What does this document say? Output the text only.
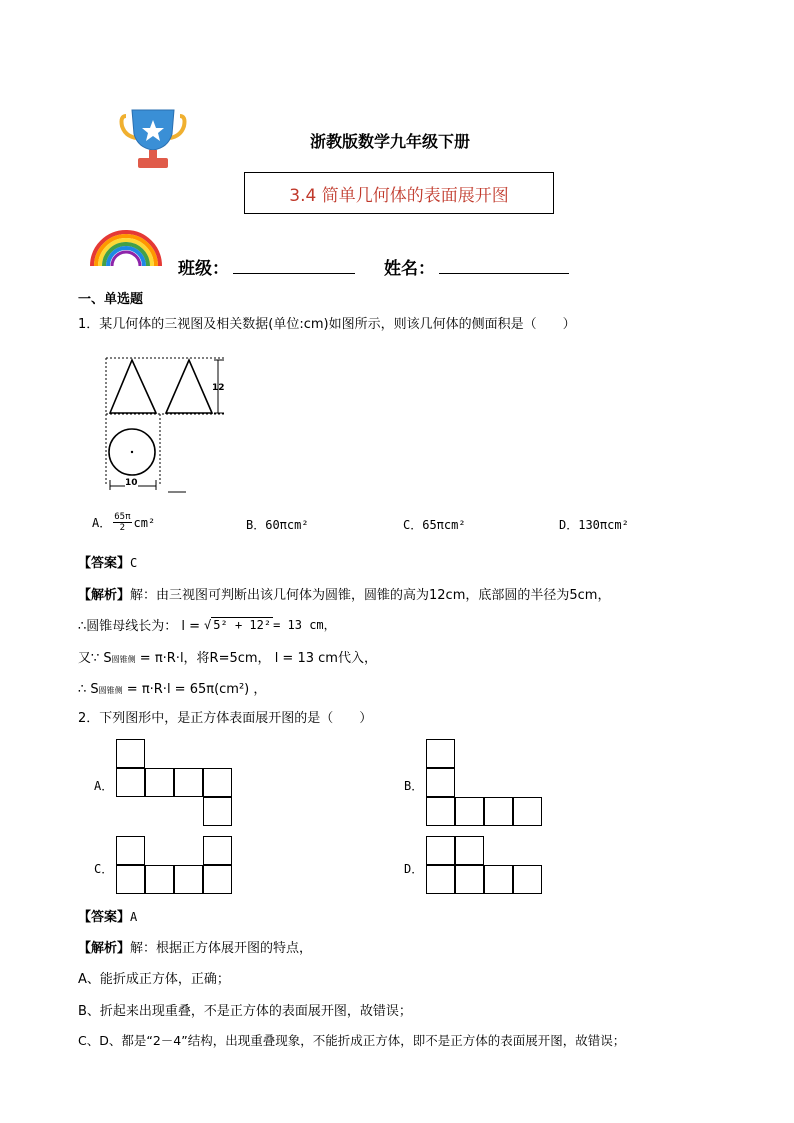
浙教版数学九年级下册
3.4 简单几何体的表面展开图
班级：	姓名：
一、单选题
1．某几何体的三视图及相关数据(单位:cm)如图所示，则该几何体的侧面积是（　　）
12
10
A． 65π
2 cm²	B．60πcm²	C．65πcm²	D．130πcm²
【答案】C
【解析】解：由三视图可判断出该几何体为圆锥，圆锥的高为12cm，底部圆的半径为5cm，
∴圆锥母线长为： l = √ 5² + 12² = 13 cm，
又∵ S圆锥侧 = π·R·l，将R=5cm， l = 13 cm代入，
∴ S圆锥侧 = π·R·l = 65π(cm²) ，
2．下列图形中，是正方体表面展开图的是（　　）
A．	B．
C．	D．
【答案】A
【解析】解：根据正方体展开图的特点，
A、能折成正方体，正确；
B、折起来出现重叠，不是正方体的表面展开图，故错误；
C、D、都是“2－4”结构，出现重叠现象，不能折成正方体，即不是正方体的表面展开图，故错误；
